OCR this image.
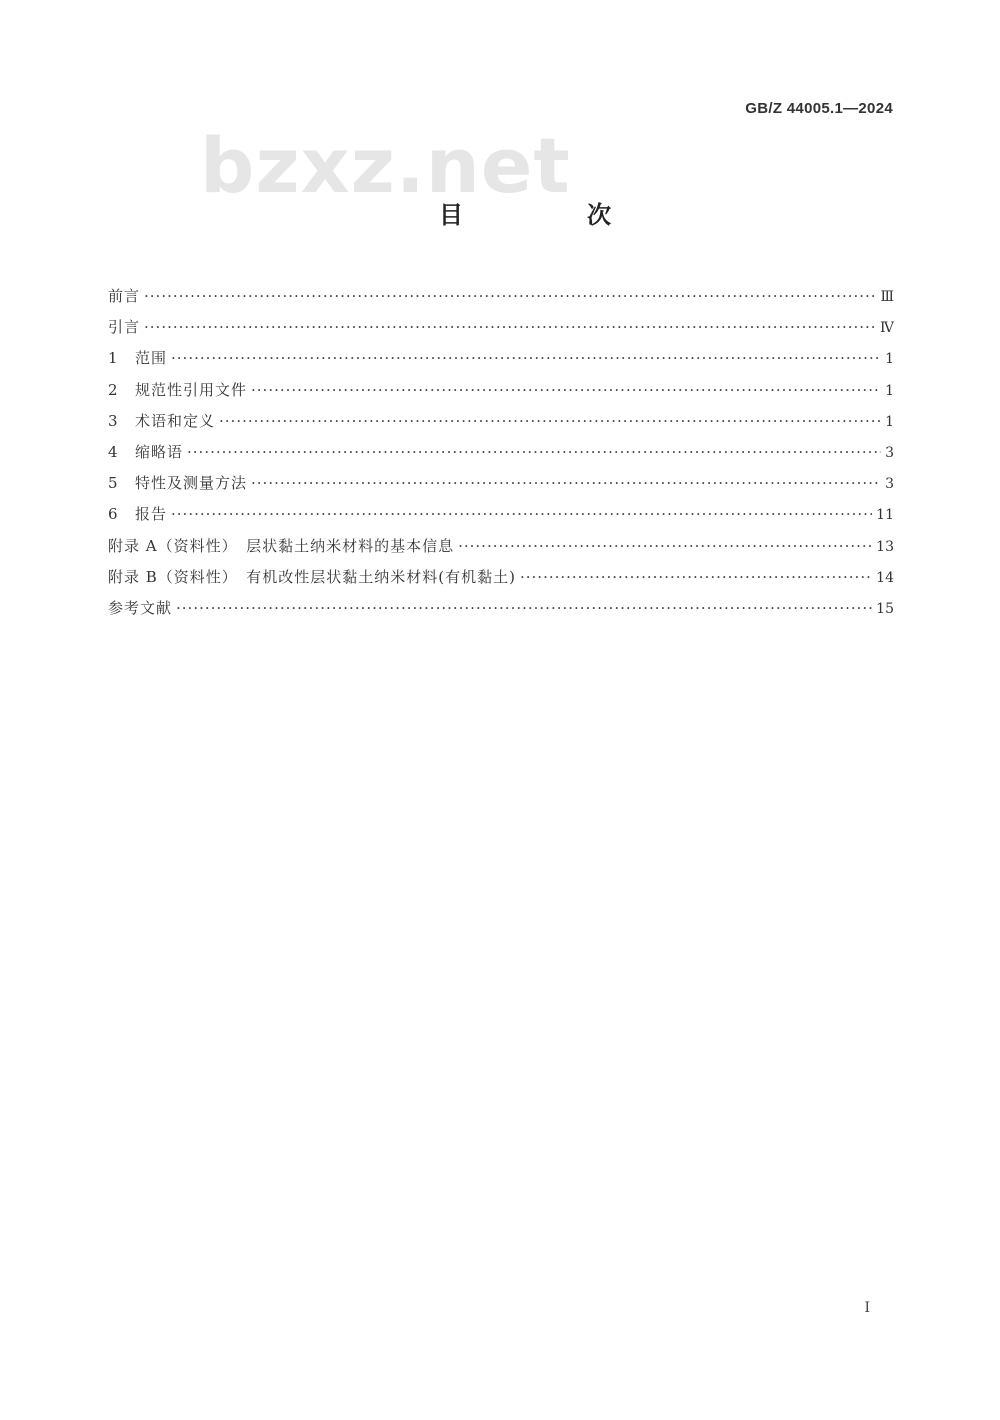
GB/Z 44005.1—2024
bzxz.net
目　次
前言 ·····	Ⅲ
引言 ·····	Ⅳ
1	范围 ·····	1
2	规范性引用文件 ·····	1
3	术语和定义 ·····	1
4	缩略语 ·····	3
5	特性及测量方法 ·····	3
6	报告 ·····	11
附录 A（资料性）　层状黏土纳米材料的基本信息 ·····	13
附录 B（资料性）　有机改性层状黏土纳米材料(有机黏土) ·····	14
参考文献 ·····	15
Ⅰ
